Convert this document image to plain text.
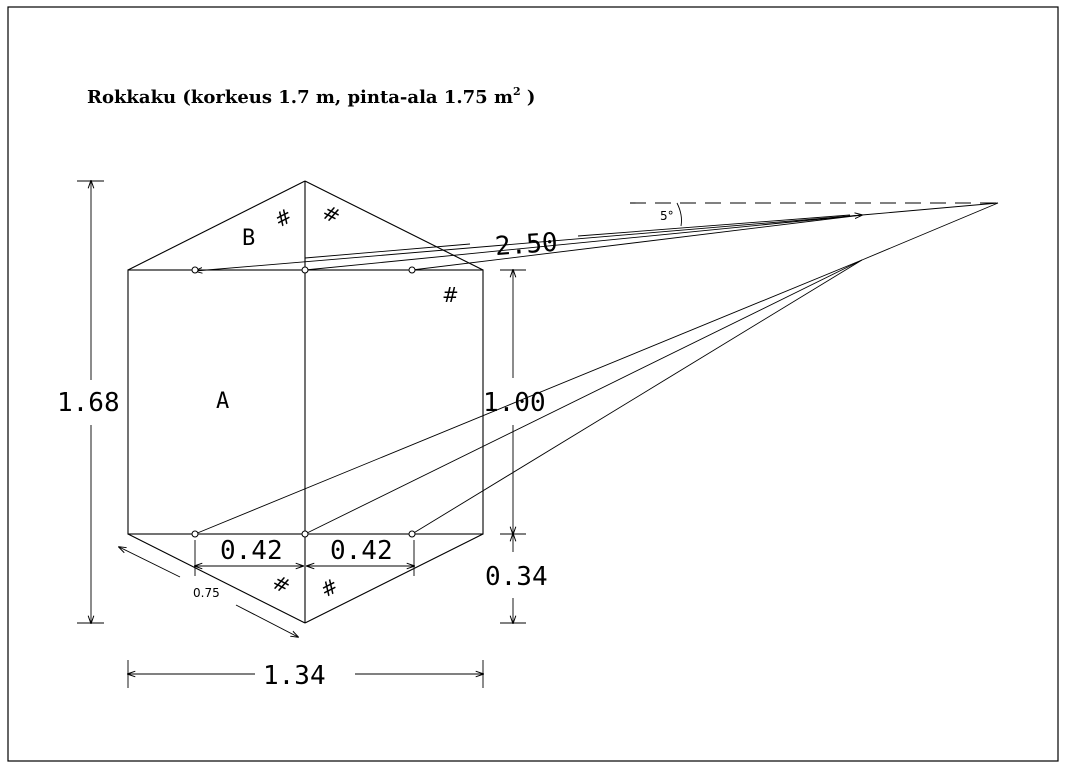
Rokkaku (korkeus 1.7 m, pinta-ala 1.75 $m^2$ )
5°
A
B
# #
#
# #
1.68	1.00
0.34
0.42 0.42
0.75
1.34
2.50
